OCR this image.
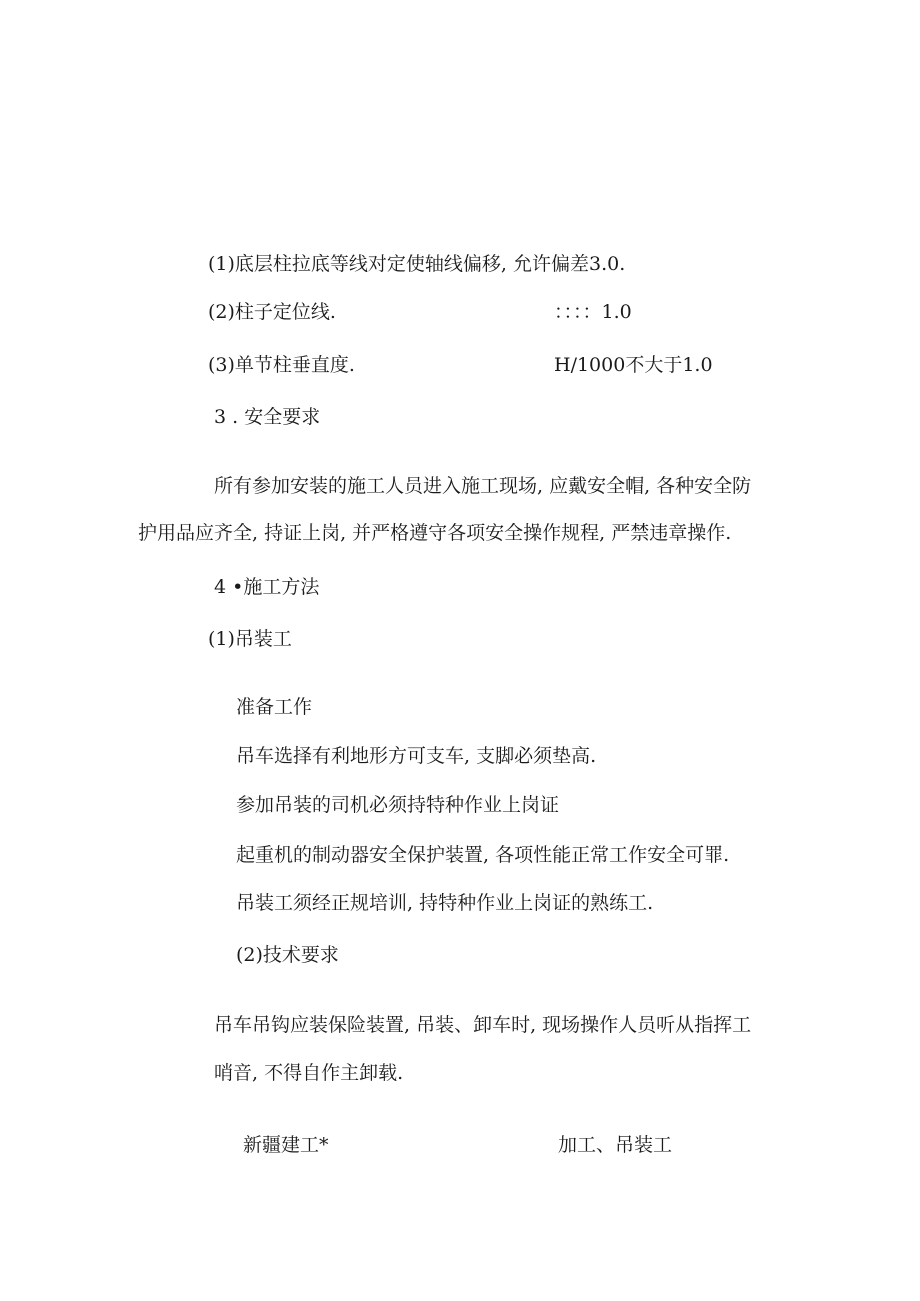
(1)底层柱拉底等线对定使轴线偏移, 允许偏差3.0.
(2)柱子定位线.	：：：：1.0
(3)单节柱垂直度.	H/1000不大于1.0
3 . 安全要求
所有参加安装的施工人员进入施工现场, 应戴安全帽, 各种安全防
护用品应齐全, 持证上岗, 并严格遵守各项安全操作规程, 严禁违章操作.
4 •施工方法
(1)吊装工
准备工作
吊车选择有利地形方可支车, 支脚必须垫高.
参加吊装的司机必须持特种作业上岗证
起重机的制动器安全保护装置, 各项性能正常工作安全可罪.
吊装工须经正规培训, 持特种作业上岗证的熟练工.
(2)技术要求
吊车吊钩应装保险装置, 吊装、卸车时, 现场操作人员听从指挥工
哨音, 不得自作主卸载.
新疆建工*	加工、吊装工
